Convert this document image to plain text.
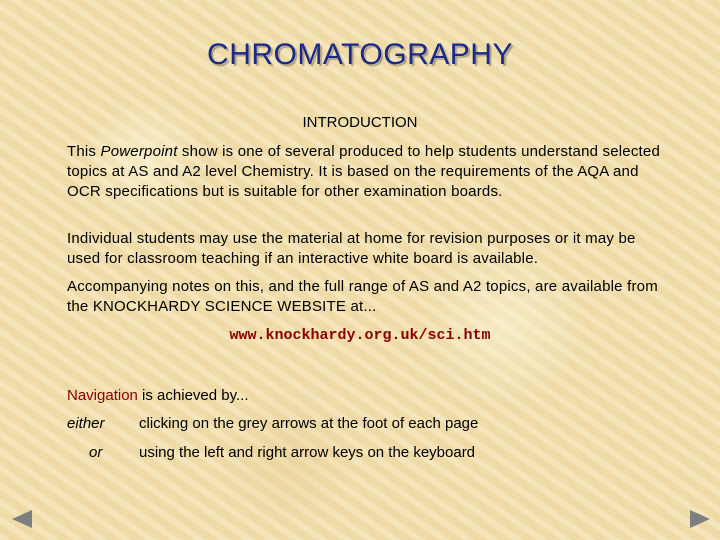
CHROMATOGRAPHY
INTRODUCTION
This Powerpoint show is one of several produced to help students understand selected topics at AS and A2 level Chemistry. It is based on the requirements of the AQA and OCR specifications but is suitable for other examination boards.
Individual students may use the material at home for revision purposes or it may be used for classroom teaching if an interactive white board is available.
Accompanying notes on this, and the full range of AS and A2 topics, are available from the KNOCKHARDY SCIENCE WEBSITE at...
www.knockhardy.org.uk/sci.htm
Navigation is achieved by...
either clicking on the grey arrows at the foot of each page
or using the left and right arrow keys on the keyboard
